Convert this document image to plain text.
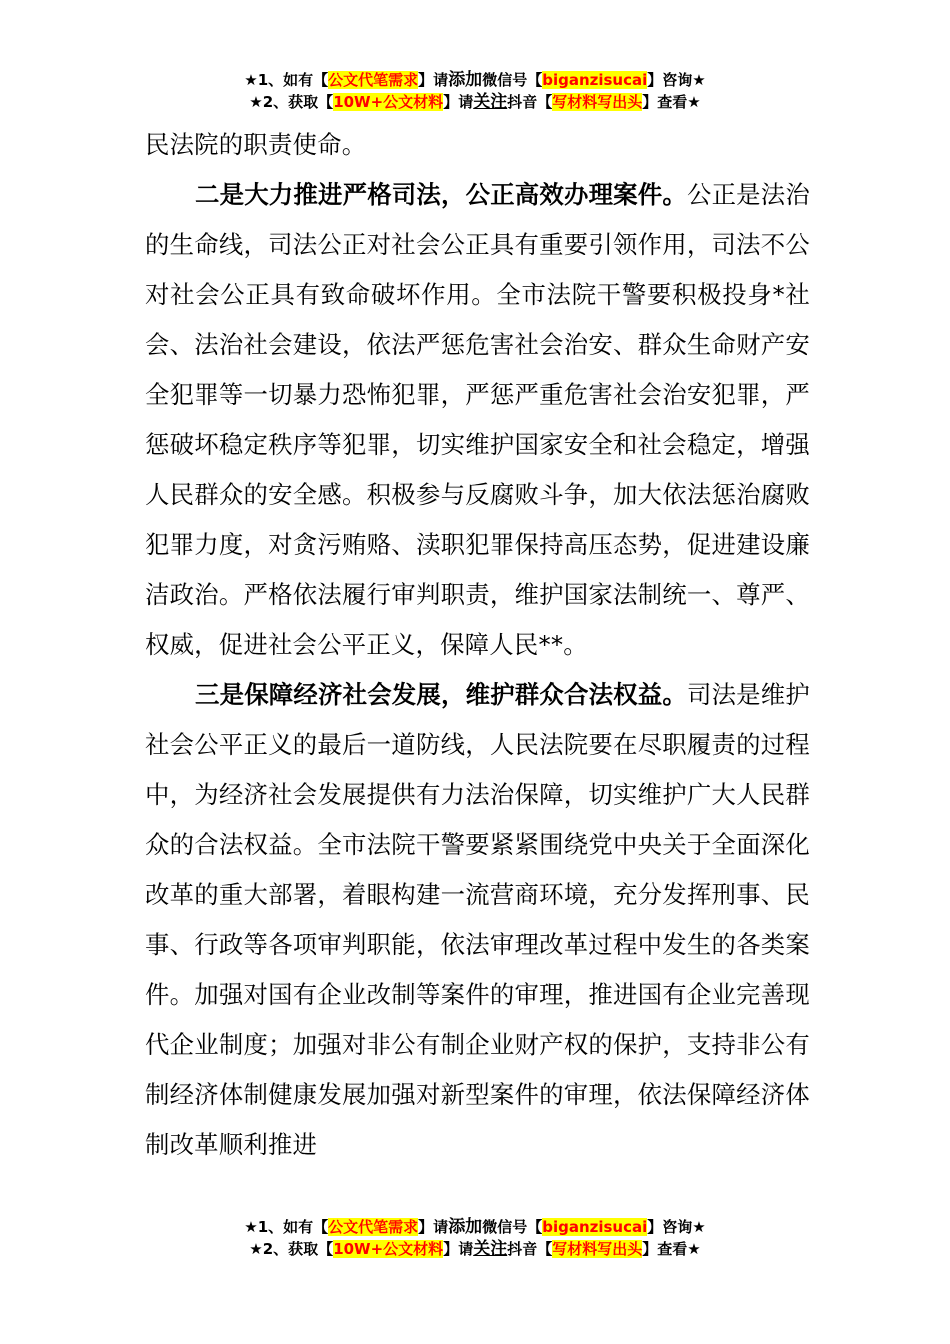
★1、如有【公文代笔需求】请添加微信号【biganzisucai】咨询★
★2、获取【10W+公文材料】请关注抖音【写材料写出头】查看★

民法院的职责使命。

二是大力推进严格司法，公正高效办理案件。公正是法治的生命线，司法公正对社会公正具有重要引领作用，司法不公对社会公正具有致命破坏作用。全市法院干警要积极投身*社会、法治社会建设，依法严惩危害社会治安、群众生命财产安全犯罪等一切暴力恐怖犯罪，严惩严重危害社会治安犯罪，严惩破坏稳定秩序等犯罪，切实维护国家安全和社会稳定，增强人民群众的安全感。积极参与反腐败斗争，加大依法惩治腐败犯罪力度，对贪污贿赂、渎职犯罪保持高压态势，促进建设廉洁政治。严格依法履行审判职责，维护国家法制统一、尊严、权威，促进社会公平正义，保障人民**。

三是保障经济社会发展，维护群众合法权益。司法是维护社会公平正义的最后一道防线，人民法院要在尽职履责的过程中，为经济社会发展提供有力法治保障，切实维护广大人民群众的合法权益。全市法院干警要紧紧围绕党中央关于全面深化改革的重大部署，着眼构建一流营商环境，充分发挥刑事、民事、行政等各项审判职能，依法审理改革过程中发生的各类案件。加强对国有企业改制等案件的审理，推进国有企业完善现代企业制度；加强对非公有制企业财产权的保护，支持非公有制经济体制健康发展加强对新型案件的审理，依法保障经济体制改革顺利推进

★1、如有【公文代笔需求】请添加微信号【biganzisucai】咨询★
★2、获取【10W+公文材料】请关注抖音【写材料写出头】查看★
